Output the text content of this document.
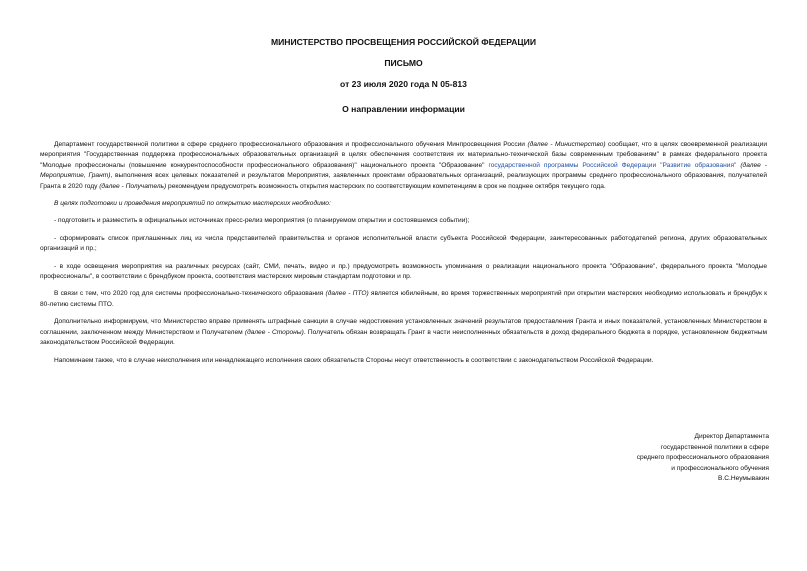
МИНИСТЕРСТВО ПРОСВЕЩЕНИЯ РОССИЙСКОЙ ФЕДЕРАЦИИ
ПИСЬМО
от 23 июля 2020 года N 05-813
О направлении информации

Департамент государственной политики в сфере среднего профессионального образования и профессионального обучения Минпросвещения России (далее - Министерство) сообщает, что в целях своевременной реализации мероприятия "Государственная поддержка профессиональных образовательных организаций в целях обеспечения соответствия их материально-технической базы современным требованиям" в рамках федерального проекта "Молодые профессионалы (повышение конкурентоспособности профессионального образования)" национального проекта "Образование" государственной программы Российской Федерации "Развитие образования" (далее - Мероприятие, Грант), выполнения всех целевых показателей и результатов Мероприятия, заявленных проектами образовательных организаций, реализующих программы среднего профессионального образования, получателей Гранта в 2020 году (далее - Получатель) рекомендуем предусмотреть возможность открытия мастерских по соответствующим компетенциям в срок не позднее октября текущего года.

В целях подготовки и проведения мероприятий по открытию мастерских необходимо:

- подготовить и разместить в официальных источниках пресс-релиз мероприятия (о планируемом открытии и состоявшемся событии);

- сформировать список приглашенных лиц из числа представителей правительства и органов исполнительной власти субъекта Российской Федерации, заинтересованных работодателей региона, других образовательных организаций и пр.;

- в ходе освещения мероприятия на различных ресурсах (сайт, СМИ, печать, видео и пр.) предусмотреть возможность упоминания о реализации национального проекта "Образование", федерального проекта "Молодые профессионалы", в соответствии с брендбуком проекта, соответствия мастерских мировым стандартам подготовки и пр.

В связи с тем, что 2020 год для системы профессионально-технического образования (далее - ПТО) является юбилейным, во время торжественных мероприятий при открытии мастерских необходимо использовать и брендбук к 80-летию системы ПТО.

Дополнительно информируем, что Министерство вправе применять штрафные санкции в случае недостижения установленных значений результатов предоставления Гранта и иных показателей, установленных Министерством в соглашении, заключенном между Министерством и Получателем (далее - Стороны). Получатель обязан возвращать Грант в части неисполненных обязательств в доход федерального бюджета в порядке, установленном бюджетным законодательством Российской Федерации.

Напоминаем также, что в случае неисполнения или ненадлежащего исполнения своих обязательств Стороны несут ответственность в соответствии с законодательством Российской Федерации.

Директор Департамента
государственной политики в сфере
среднего профессионального образования
и профессионального обучения
В.С.Неумывакин
